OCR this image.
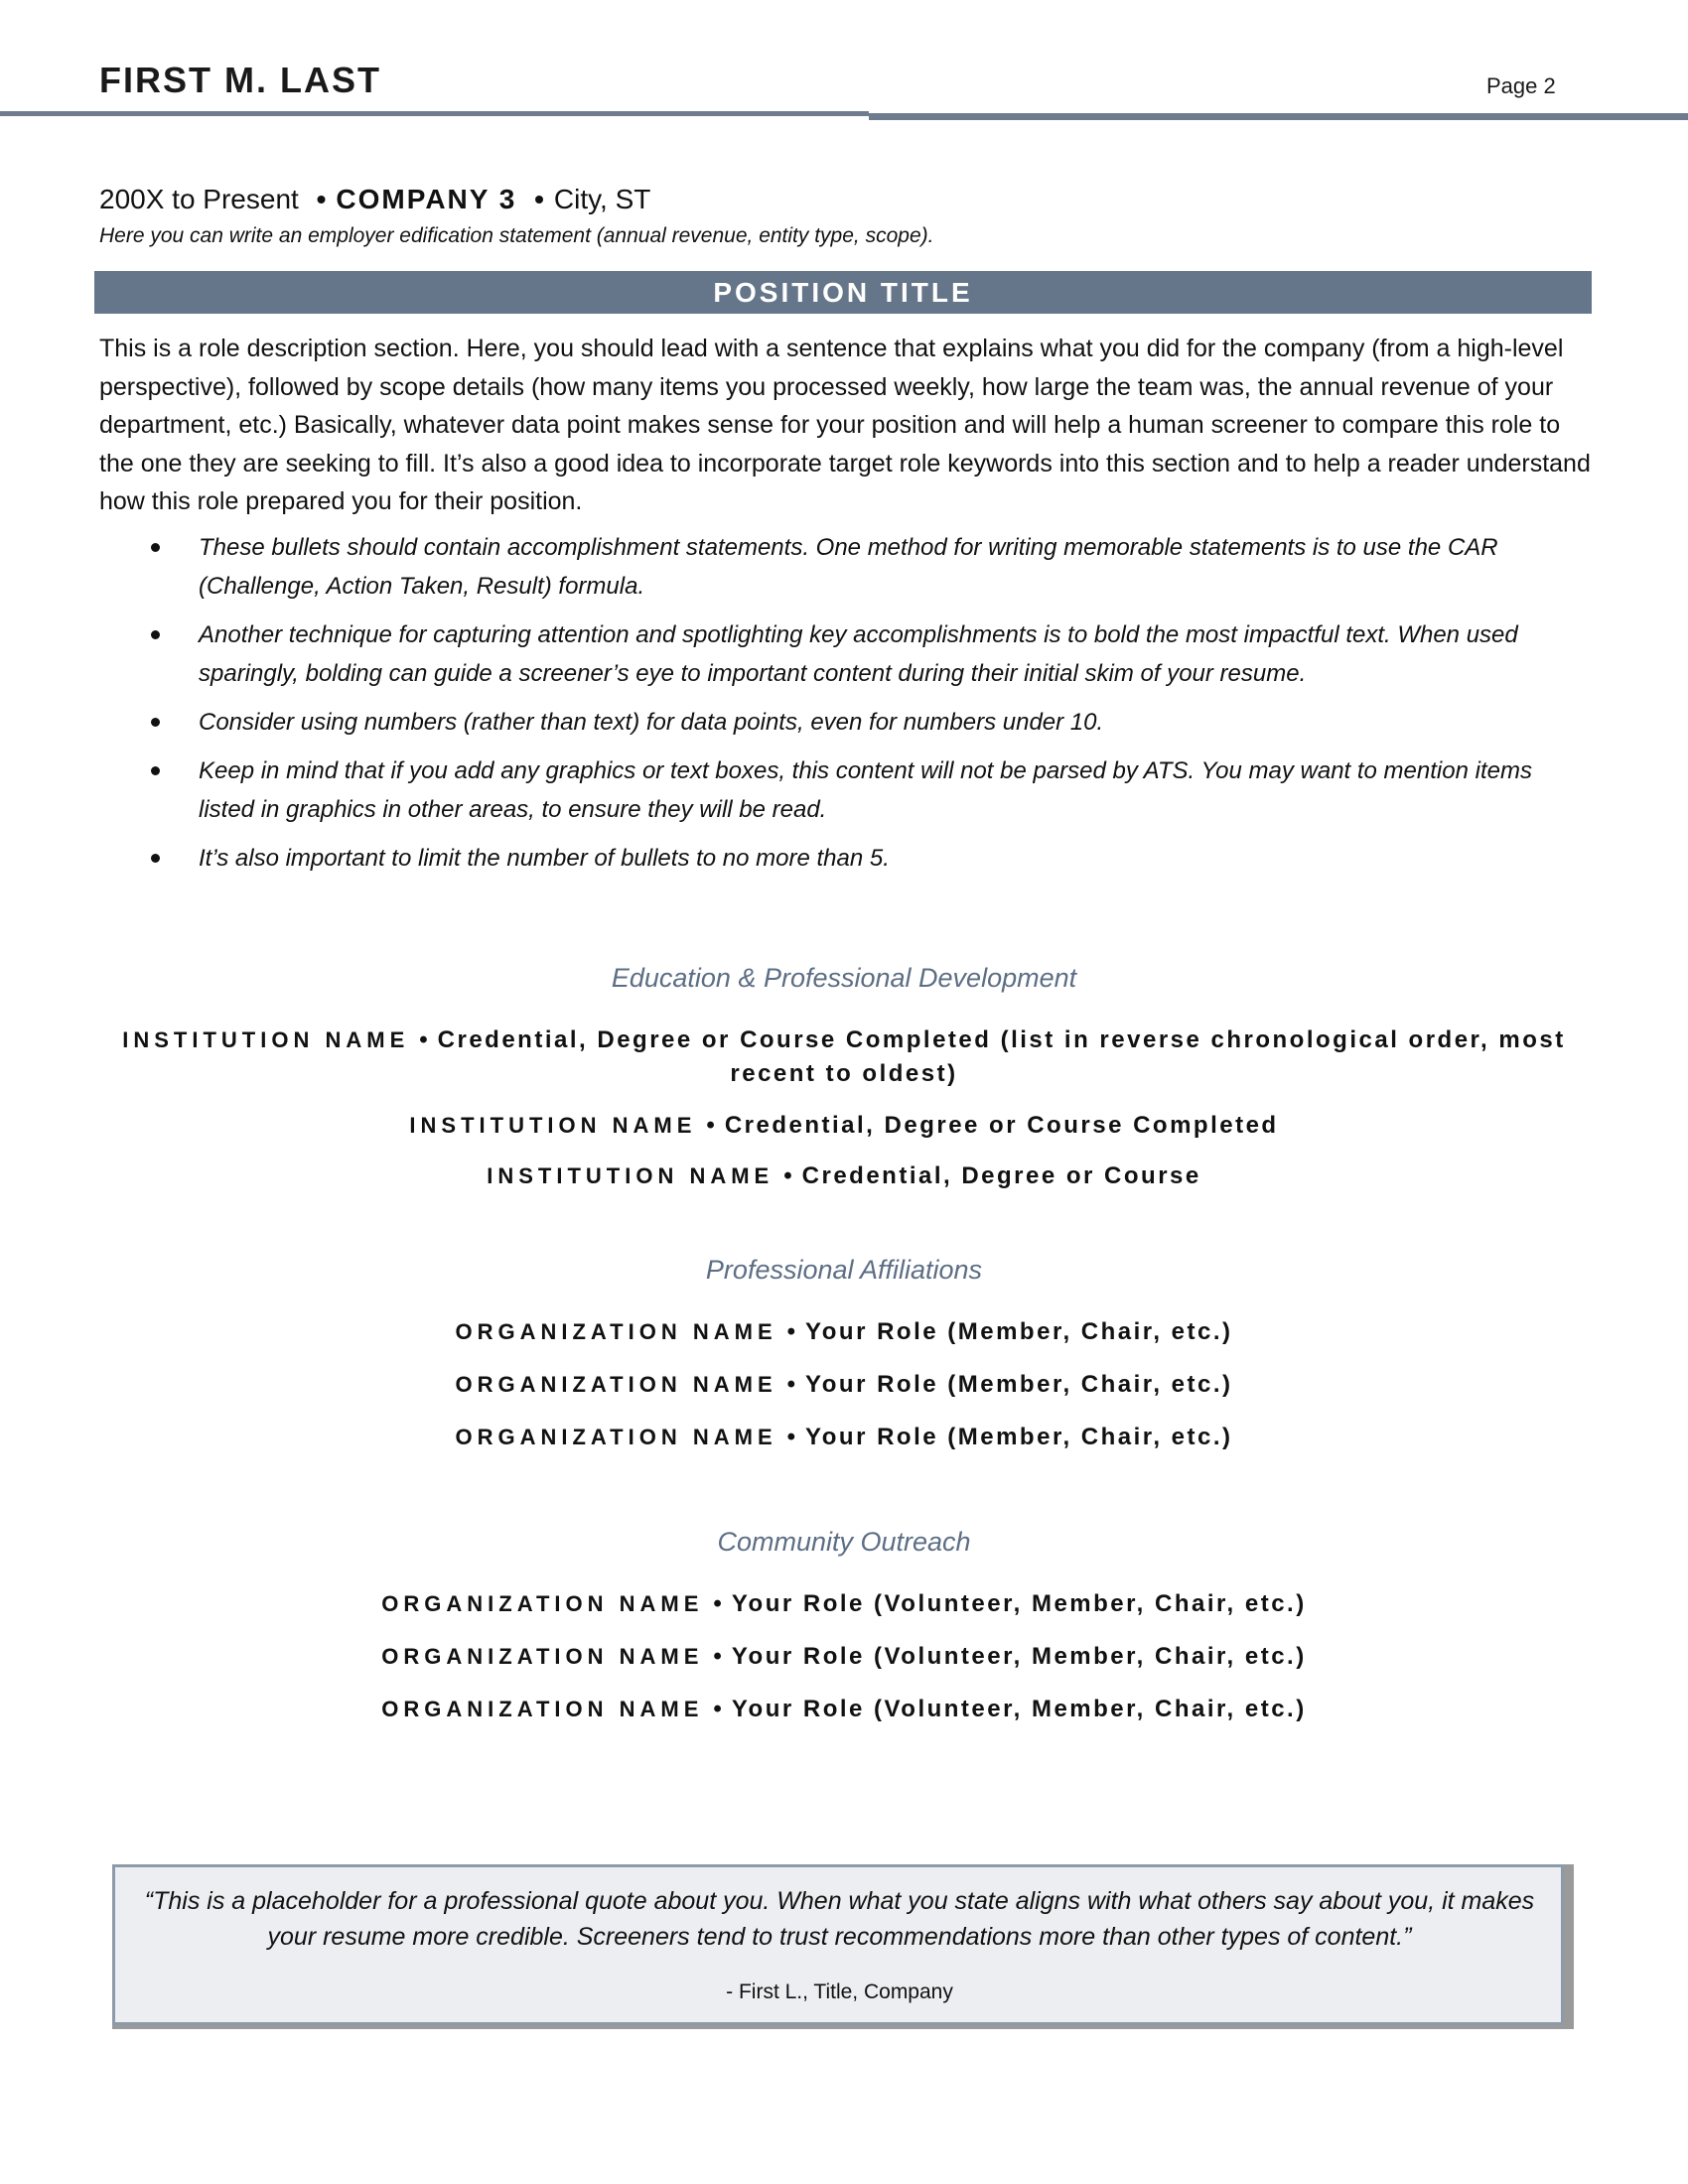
FIRST M. LAST	Page 2
200X to Present • COMPANY 3 • City, ST
Here you can write an employer edification statement (annual revenue, entity type, scope).
POSITION TITLE
This is a role description section. Here, you should lead with a sentence that explains what you did for the company (from a high-level perspective), followed by scope details (how many items you processed weekly, how large the team was, the annual revenue of your department, etc.) Basically, whatever data point makes sense for your position and will help a human screener to compare this role to the one they are seeking to fill. It’s also a good idea to incorporate target role keywords into this section and to help a reader understand how this role prepared you for their position.
These bullets should contain accomplishment statements. One method for writing memorable statements is to use the CAR (Challenge, Action Taken, Result) formula.
Another technique for capturing attention and spotlighting key accomplishments is to bold the most impactful text. When used sparingly, bolding can guide a screener’s eye to important content during their initial skim of your resume.
Consider using numbers (rather than text) for data points, even for numbers under 10.
Keep in mind that if you add any graphics or text boxes, this content will not be parsed by ATS. You may want to mention items listed in graphics in other areas, to ensure they will be read.
It’s also important to limit the number of bullets to no more than 5.
Education & Professional Development
INSTITUTION NAME • Credential, Degree or Course Completed (list in reverse chronological order, most recent to oldest)
INSTITUTION NAME • Credential, Degree or Course Completed
INSTITUTION NAME • Credential, Degree or Course
Professional Affiliations
ORGANIZATION NAME • Your Role (Member, Chair, etc.)
ORGANIZATION NAME • Your Role (Member, Chair, etc.)
ORGANIZATION NAME • Your Role (Member, Chair, etc.)
Community Outreach
ORGANIZATION NAME • Your Role (Volunteer, Member, Chair, etc.)
ORGANIZATION NAME • Your Role (Volunteer, Member, Chair, etc.)
ORGANIZATION NAME • Your Role (Volunteer, Member, Chair, etc.)
“This is a placeholder for a professional quote about you. When what you state aligns with what others say about you, it makes your resume more credible. Screeners tend to trust recommendations more than other types of content.”
- First L., Title, Company
